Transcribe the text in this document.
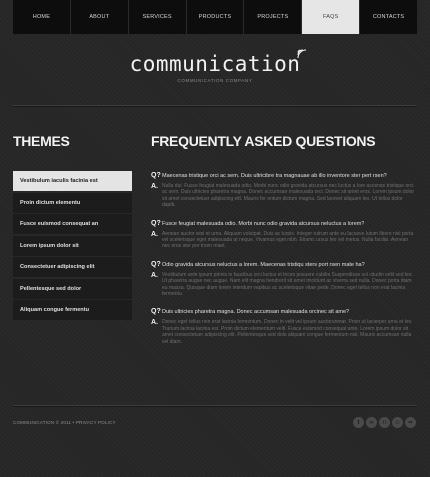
HOME	ABOUT	SERVICES	PRODUCTS	PROJECTS	FAQS	CONTACTS
communication
COMMUNICATION COMPANY
THEMES
Vestibulum iaculis facinia est
Proin dictum elementu
Fusce euismod consequat an
Lorem ipsum dolor sit
Consectetuer adipiscing elit
Pellentesque sed dolor
Aliquam congue fermentu
FREQUENTLY ASKED QUESTIONS
Q? Maecenas tristique orci ac sem. Duis ultricibre tra magnauae ab illo inventore ster pert rsen?
A. Nulla dui. Fusce feugiat malesuada odio. Morbi nunc odio gravida atcursus nec luctus a lore accenas tristique orci ac sem. Duis ultricies pharetra magna. Donec accumsan malesuada orci. Donec sit amet eros. Lorem ipsum dolor sit amet consectetuer adipiscing elit. Mauris fer entum dictum magna. Sed laoreet aliquam leo. Ut tellus dolor dapib.

Q? Fusce feugiat malesuada odio. Morbi nunc odio gravida atcursus neluctus a lorem?
A. Aenean auctor wisi et urna. Aliquam volutpat. Duis ac turpis. Integer rutrum ante eu lacusve lutum libero nisl porta vel scelerisque eget malesuada at neque. Vivamus eget nibh. Etiamc ursus leo vel metus. Nulla facilisi. Aenean nec eros ster por trsen maet.

Q? Odio gravida atcursus neluctus a lorem. Maecenas tristiqu sters port rsen mate ha?
A. Vestibulum ante ipsum primis in faucibus orci luctus et trices posuere cubilia Suspendisse sol citudin velit sed leo. Ut pharetra augue nec augue. Nam elit magna hendrerit sit amet tincidunt ac viverra sed nulla. Donec porta diam eu massa. Quisque diam lorem interdum vapibus ac scelerisque vitae pede. Donec eget tellus non erat lacinia fermentu.

Q? Duis ultricies pharetra magna. Donec accumsan malesuada orcinec sit ame?
A. Donec eget tellus non erat lacinia fermentum. Donec in velit vel ipsum auctorunmar. Proin ut lacierper urna et leo. Trunum lacinia lacinia est. Proin dictum elementum velit. Fusce euismod consequat ante. Lorem ipsum dolor sit amet consectetuer adipiscing elit. Pellentesque sed dolo aliquam congue fermentum nisl. Mauris accumsan nulla vel diam.

COMMUNICATION © 2011 • PRIVACY POLICY	t	∞	∷	☺	••
